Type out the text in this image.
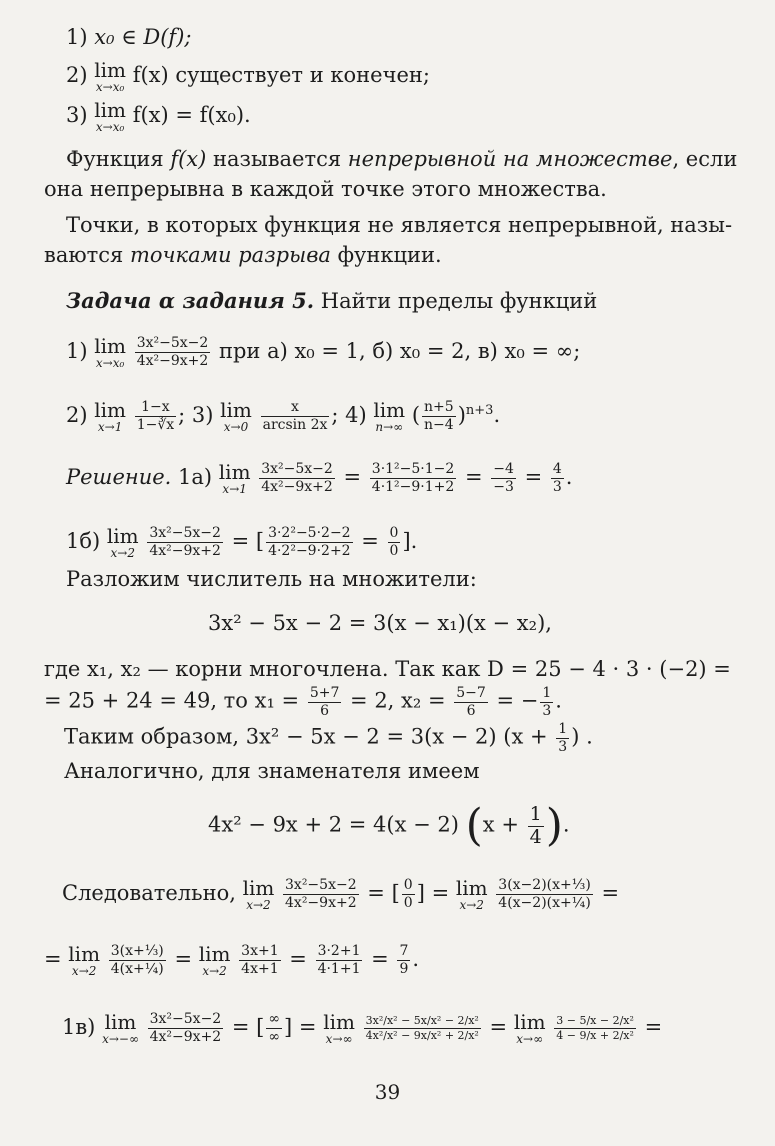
1) x₀ ∈ D(f);
2) lim
x→x₀ f(x) существует и конечен;
3) lim
x→x₀ f(x) = f(x₀).
Функция f(x) называется непрерывной на множестве, если
она непрерывна в каждой точке этого множества.
Точки, в которых функция не является непрерывной, назы-
ваются точками разрыва функции.
Задача α задания 5. Найти пределы функций
1) lim
x→x₀
$\frac{\text{3x²−5x−2}}{\text{4x²−9x+2}}$ при а) x₀ = 1, б) x₀ = 2, в) x₀ = ∞;
2) lim
x→1
$\frac{1-x}{1-∛x}$ ; 3) lim
x→0
$\frac{x}{\arcsin 2x}$ ; 4) lim
n→∞ ( $\frac{n+5}{n-4} )^{n+3}$.
Решение. 1а) lim
x→1
$\frac{\text{3x²−5x−2}}{\text{4x²−9x+2}} = \frac{\text{3·1²−5·1−2}}{\text{4·1²−9·1+2}} = \frac{-4}{-3} = \frac{4}{3}$ .
1б) lim
x→2
$\frac{\text{3x²−5x−2}}{\text{4x²−9x+2}}$ = [ $\frac{\text{3·2²−5·2−2}}{\text{4·2²−9·2+2}} = \frac{0}{0}$ ].
Разложим числитель на множители:
3x² − 5x − 2 = 3(x − x₁)(x − x₂),
где x₁, x₂ — корни многочлена. Так как D = 25 − 4 · 3 · (−2) =
= 25 + 24 = 49, то $x_1 = \frac{5+7}{6} = 2$, $x_2 = \frac{5-7}{6}$ = − $\frac{1}{3}$ .
Таким образом, 3x² − 5x − 2 = 3(x − 2) ($x + \frac{1}{3}$ ) .
Аналогично, для знаменателя имеем
4x² − 9x + 2 = 4(x − 2) ($x + \frac{1}{4}$ ).
Следовательно, lim
x→2
$\frac{\text{3x²−5x−2}}{\text{4x²−9x+2}}$ = [ $\frac{0}{0}$ ] = lim
x→2
$\frac{\text{3(x−2)(x+⅓)}}{\text{4(x−2)(x+¼)}}$ =
= lim
x→2
$\frac{\text{3(x+⅓)}}{\text{4(x+¼)}} = \lim$
x→2
$\frac{3x+1}{4x+1} = \frac{3\cdot 2+1}{4\cdot 1+1} = \frac{7}{9}$ .
1в) lim
x→−∞
$\frac{\text{3x²−5x−2}}{\text{4x²−9x+2}}$ = [ $\frac{\infty}{\infty}$ ] = lim
x→∞
$\frac{\text{3x²/x² − 5x/x² − 2/x²}}{\text{4x²/x² − 9x/x² + 2/x²}} = \lim$
x→∞
$\frac{\text{3 − 5/x − 2/x²}}{\text{4 − 9/x + 2/x²}}$ =
39
